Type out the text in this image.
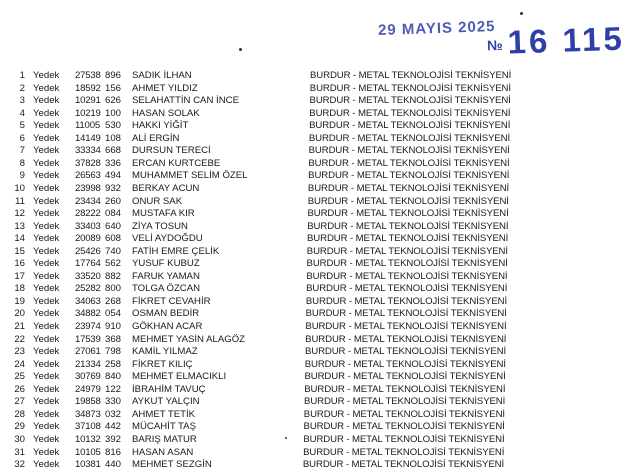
29 MAYIS 2025
№16 115
1 Yedek 27538 896 SADIK İLHAN	BURDUR - METAL TEKNOLOJİSİ TEKNİSYENİ
2 Yedek 18592 156 AHMET YILDIZ	BURDUR - METAL TEKNOLOJİSİ TEKNİSYENİ
3 Yedek 10291 626 SELAHATTİN CAN İNCE	BURDUR - METAL TEKNOLOJİSİ TEKNİSYENİ
4 Yedek 10219 100 HASAN SOLAK	BURDUR - METAL TEKNOLOJİSİ TEKNİSYENİ
5 Yedek 11005 530 HAKKI YİĞİT	BURDUR - METAL TEKNOLOJİSİ TEKNİSYENİ
6 Yedek 14149 108 ALİ ERGİN	BURDUR - METAL TEKNOLOJİSİ TEKNİSYENİ
7 Yedek 33334 668 DURSUN TERECİ	BURDUR - METAL TEKNOLOJİSİ TEKNİSYENİ
8 Yedek 37828 336 ERCAN KURTCEBE	BURDUR - METAL TEKNOLOJİSİ TEKNİSYENİ
9 Yedek 26563 494 MUHAMMET SELİM ÖZEL	BURDUR - METAL TEKNOLOJİSİ TEKNİSYENİ
10 Yedek 23998 932 BERKAY ACUN	BURDUR - METAL TEKNOLOJİSİ TEKNİSYENİ
11 Yedek 23434 260 ONUR SAK	BURDUR - METAL TEKNOLOJİSİ TEKNİSYENİ
12 Yedek 28222 084 MUSTAFA KIR	BURDUR - METAL TEKNOLOJİSİ TEKNİSYENİ
13 Yedek 33403 640 ZİYA TOSUN	BURDUR - METAL TEKNOLOJİSİ TEKNİSYENİ
14 Yedek 20089 608 VELİ AYDOĞDU	BURDUR - METAL TEKNOLOJİSİ TEKNİSYENİ
15 Yedek 25426 740 FATİH EMRE ÇELİK	BURDUR - METAL TEKNOLOJİSİ TEKNİSYENİ
16 Yedek 17764 562 YUSUF KUBUZ	BURDUR - METAL TEKNOLOJİSİ TEKNİSYENİ
17 Yedek 33520 882 FARUK YAMAN	BURDUR - METAL TEKNOLOJİSİ TEKNİSYENİ
18 Yedek 25282 800 TOLGA ÖZCAN	BURDUR - METAL TEKNOLOJİSİ TEKNİSYENİ
19 Yedek 34063 268 FİKRET CEVAHİR	BURDUR - METAL TEKNOLOJİSİ TEKNİSYENİ
20 Yedek 34882 054 OSMAN BEDİR	BURDUR - METAL TEKNOLOJİSİ TEKNİSYENİ
21 Yedek 23974 910 GÖKHAN ACAR	BURDUR - METAL TEKNOLOJİSİ TEKNİSYENİ
22 Yedek 17539 368 MEHMET YASİN ALAGÖZ	BURDUR - METAL TEKNOLOJİSİ TEKNİSYENİ
23 Yedek 27061 798 KAMİL YILMAZ	BURDUR - METAL TEKNOLOJİSİ TEKNİSYENİ
24 Yedek 21334 258 FİKRET KILIÇ	BURDUR - METAL TEKNOLOJİSİ TEKNİSYENİ
25 Yedek 30769 840 MEHMET ELMACIKLI	BURDUR - METAL TEKNOLOJİSİ TEKNİSYENİ
26 Yedek 24979 122 İBRAHİM TAVUÇ	BURDUR - METAL TEKNOLOJİSİ TEKNİSYENİ
27 Yedek 19858 330 AYKUT YALÇIN	BURDUR - METAL TEKNOLOJİSİ TEKNİSYENİ
28 Yedek 34873 032 AHMET TETİK	BURDUR - METAL TEKNOLOJİSİ TEKNİSYENİ
29 Yedek 37108 442 MÜCAHİT TAŞ	BURDUR - METAL TEKNOLOJİSİ TEKNİSYENİ
30 Yedek 10132 392 BARIŞ MATUR	BURDUR - METAL TEKNOLOJİSİ TEKNİSYENİ
31 Yedek 10105 816 HASAN ASAN	BURDUR - METAL TEKNOLOJİSİ TEKNİSYENİ
32 Yedek 10381 440 MEHMET SEZGİN	BURDUR - METAL TEKNOLOJİSİ TEKNİSYENİ
